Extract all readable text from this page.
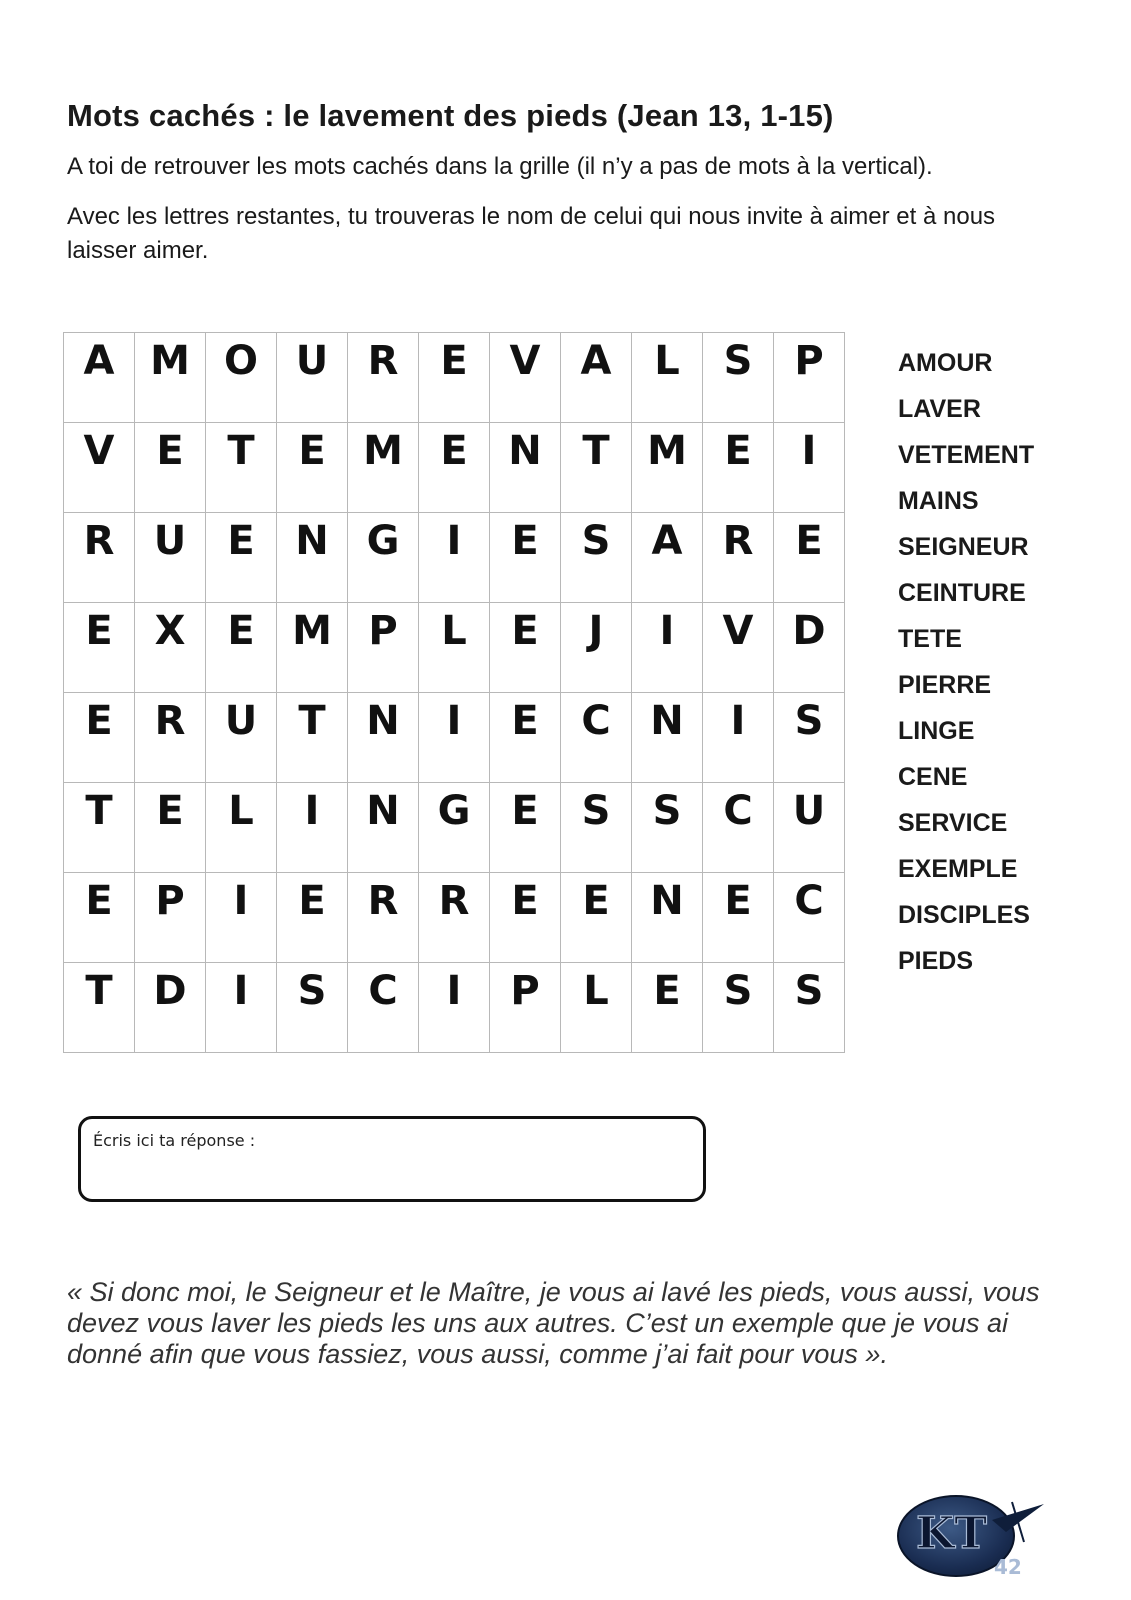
Mots cachés : le lavement des pieds (Jean 13, 1-15)
A toi de retrouver les mots cachés dans la grille (il n’y a pas de mots à la vertical).
Avec les lettres restantes, tu trouveras le nom de celui qui nous invite à aimer et à nous laisser aimer.
A	M	O	U	R	E	V	A	L	S	P
V	E	T	E	M	E	N	T	M	E	I
R	U	E	N	G	I	E	S	A	R	E
E	X	E	M	P	L	E	J	I	V	D
E	R	U	T	N	I	E	C	N	I	S
T	E	L	I	N	G	E	S	S	C	U
E	P	I	E	R	R	E	E	N	E	C
T	D	I	S	C	I	P	L	E	S	S
AMOUR
LAVER
VETEMENT
MAINS
SEIGNEUR
CEINTURE
TETE
PIERRE
LINGE
CENE
SERVICE
EXEMPLE
DISCIPLES
PIEDS
Écris ici ta réponse :
« Si donc moi, le Seigneur et le Maître, je vous ai lavé les pieds, vous aussi, vous devez vous laver les pieds les uns aux autres. C’est un exemple que je vous ai donné afin que vous fassiez, vous aussi, comme j’ai fait pour vous ».
KT
42
